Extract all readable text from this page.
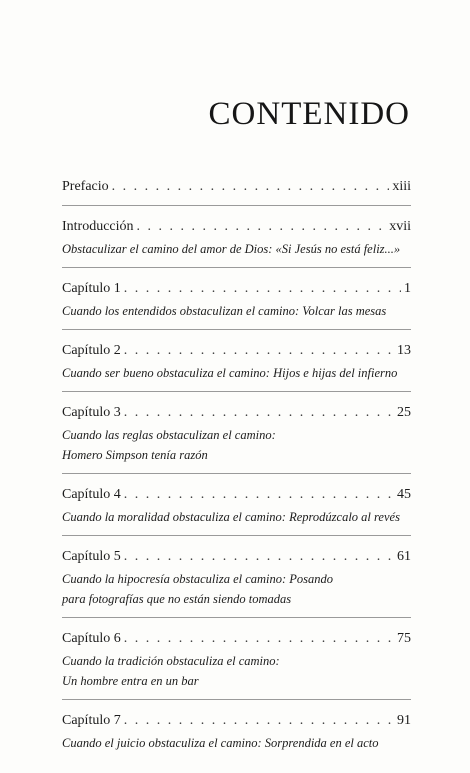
CONTENIDO
Prefacio . . .	xiii
Introducción . . .	xvii
Obstaculizar el camino del amor de Dios: «Si Jesús no está feliz...»
Capítulo 1 . . .	1
Cuando los entendidos obstaculizan el camino: Volcar las mesas
Capítulo 2 . . .	13
Cuando ser bueno obstaculiza el camino: Hijos e hijas del infierno
Capítulo 3 . . .	25
Cuando las reglas obstaculizan el camino:
Homero Simpson tenía razón
Capítulo 4 . . .	45
Cuando la moralidad obstaculiza el camino: Reprodúzcalo al revés
Capítulo 5 . . .	61
Cuando la hipocresía obstaculiza el camino: Posando
para fotografías que no están siendo tomadas
Capítulo 6 . . .	75
Cuando la tradición obstaculiza el camino:
Un hombre entra en un bar
Capítulo 7 . . .	91
Cuando el juicio obstaculiza el camino: Sorprendida en el acto
